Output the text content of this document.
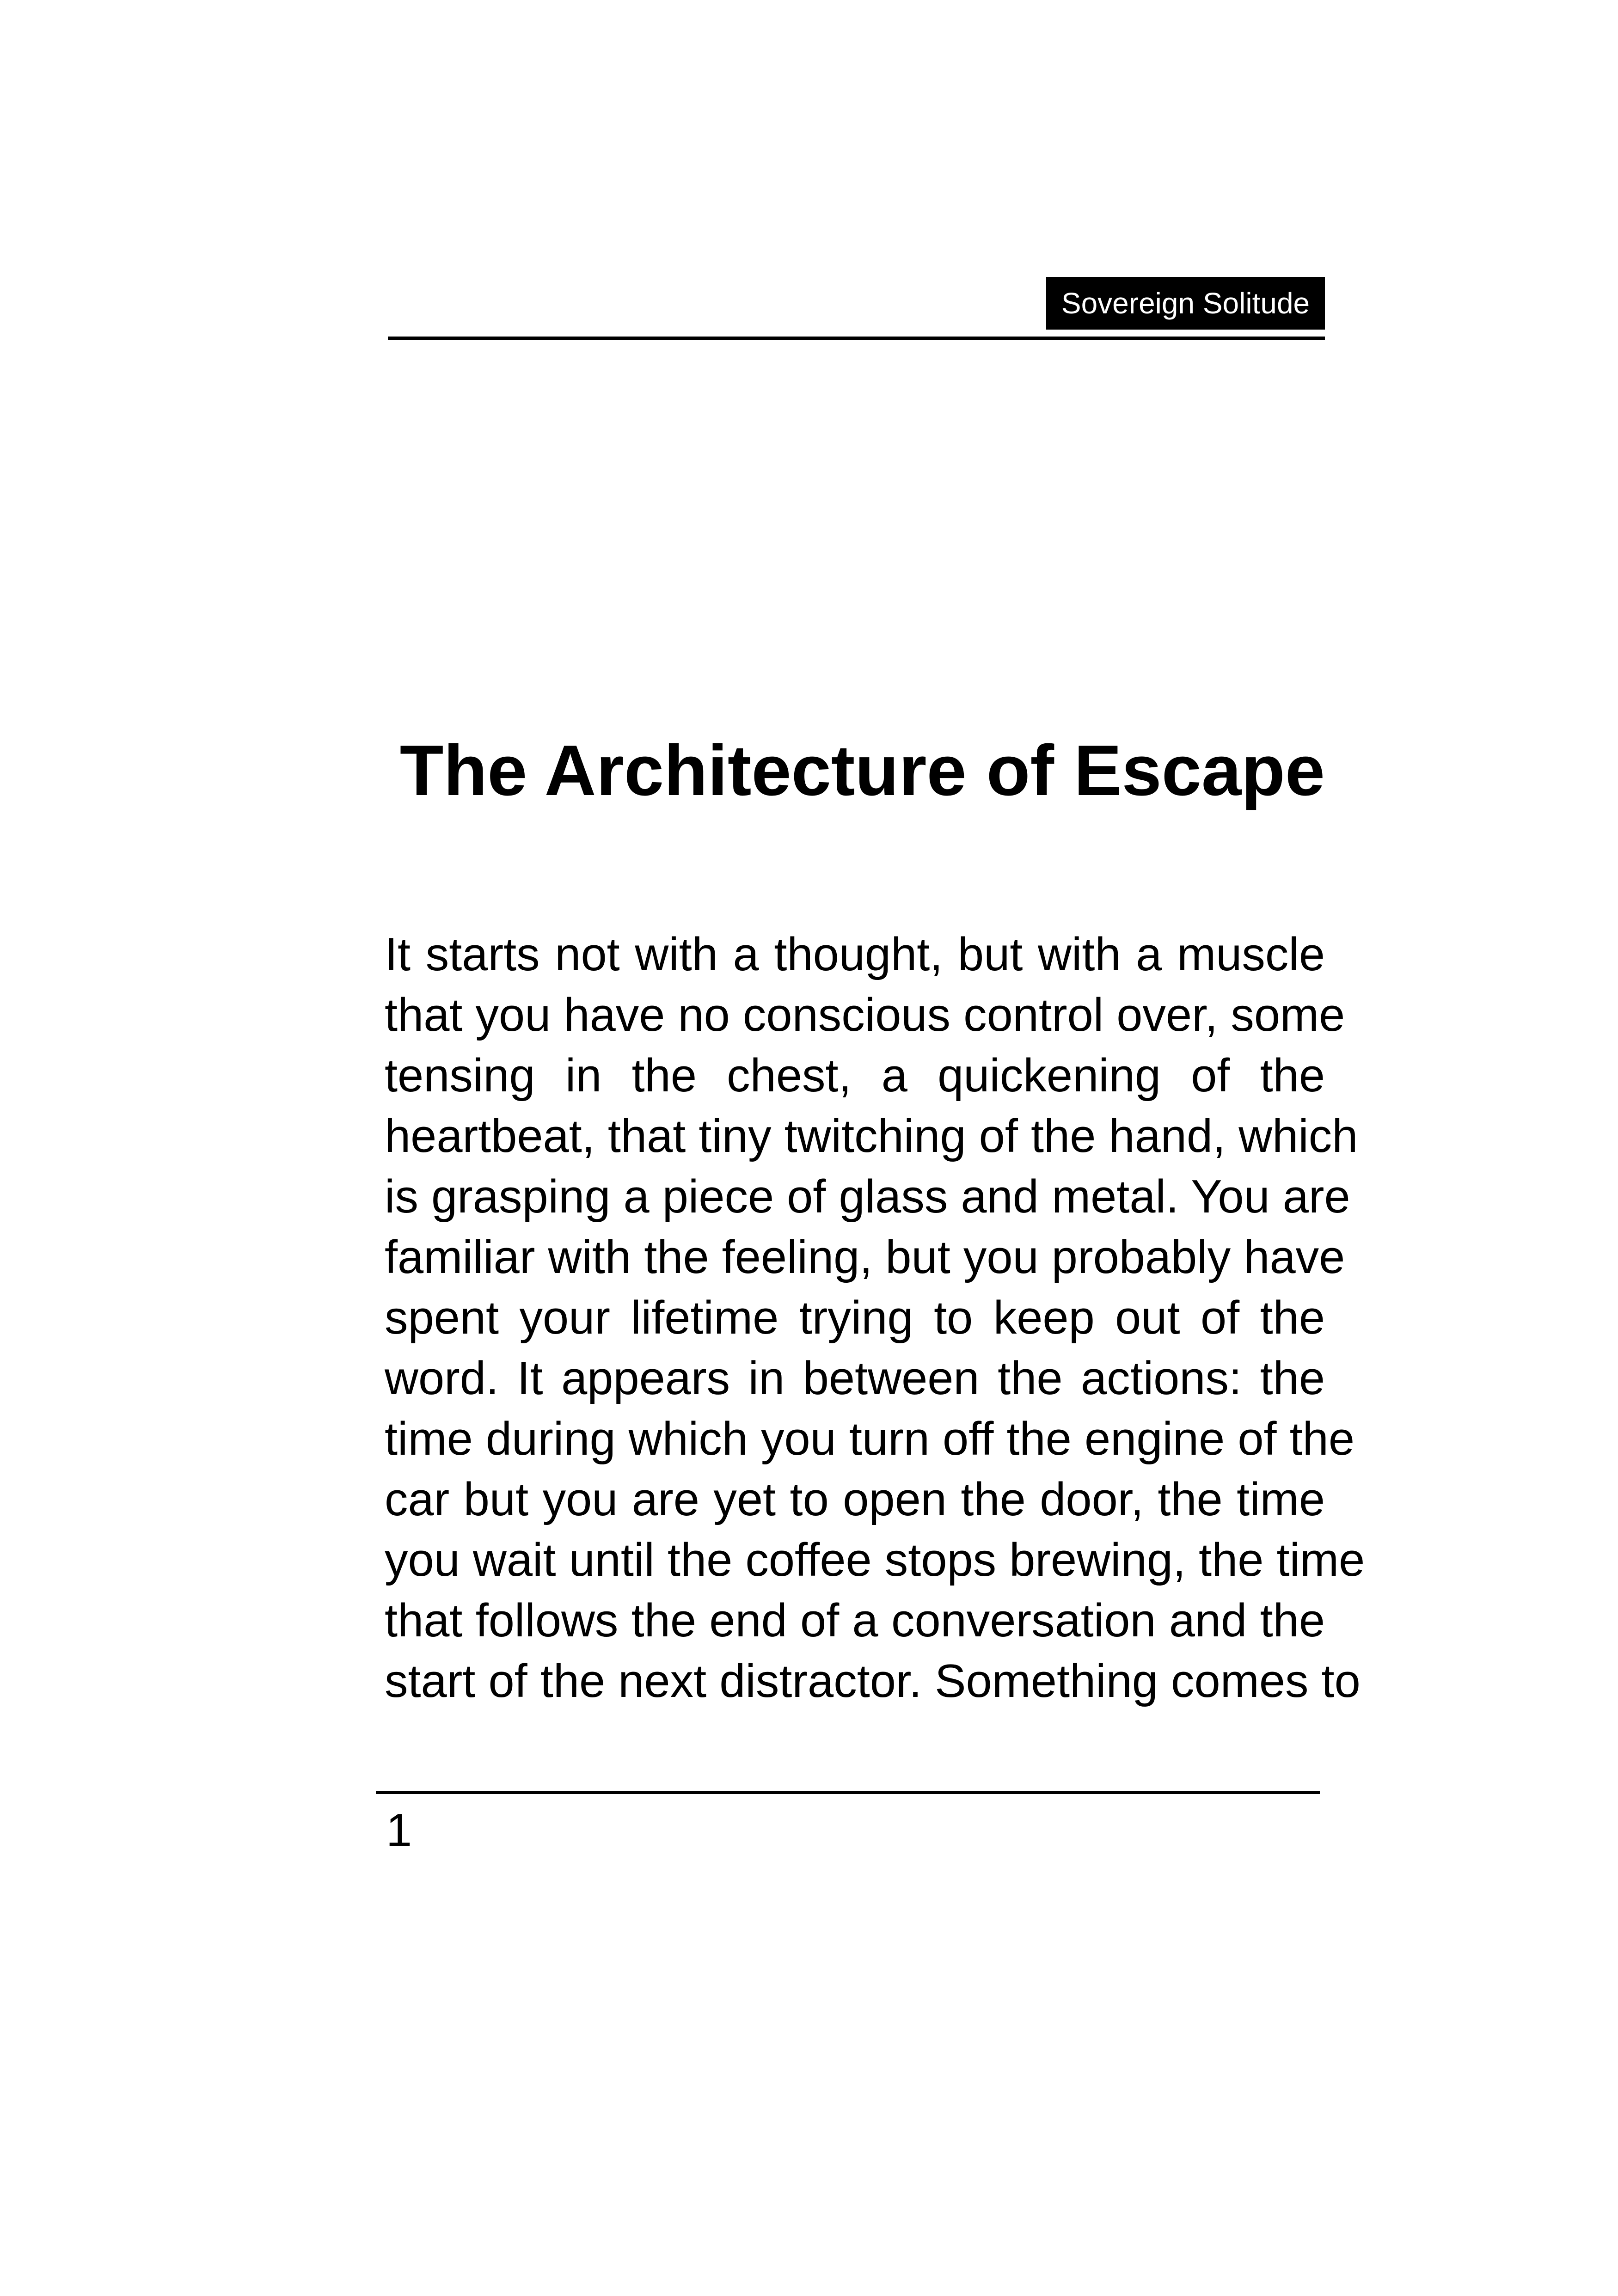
Sovereign Solitude
The Architecture of Escape
It starts not with a thought, but with a muscle
that you have no conscious control over, some
tensing in the chest, a quickening of the
heartbeat, that tiny twitching of the hand, which
is grasping a piece of glass and metal. You are
familiar with the feeling, but you probably have
spent your lifetime trying to keep out of the
word. It appears in between the actions: the
time during which you turn off the engine of the
car but you are yet to open the door, the time
you wait until the coffee stops brewing, the time
that follows the end of a conversation and the
start of the next distractor. Something comes to
1
